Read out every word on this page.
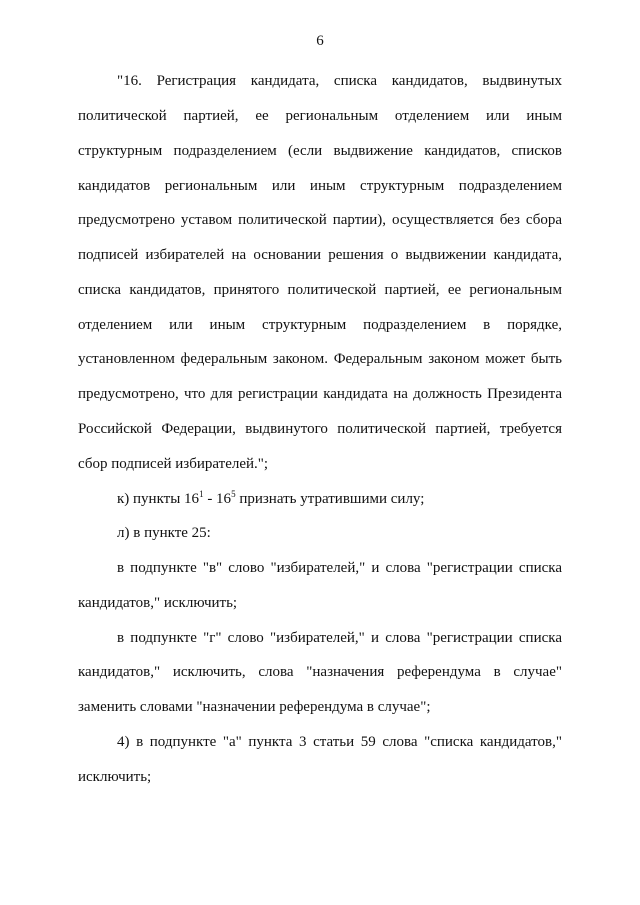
6
"16. Регистрация кандидата, списка кандидатов, выдвинутых
политической партией, ее региональным отделением или иным
структурным подразделением (если выдвижение кандидатов, списков
кандидатов региональным или иным структурным подразделением
предусмотрено уставом политической партии), осуществляется без сбора
подписей избирателей на основании решения о выдвижении кандидата,
списка кандидатов, принятого политической партией, ее региональным
отделением или иным структурным подразделением в порядке,
установленном федеральным законом. Федеральным законом может быть
предусмотрено, что для регистрации кандидата на должность Президента
Российской Федерации, выдвинутого политической партией, требуется
сбор подписей избирателей.";
к) пункты $16^1 - 16^5$ признать утратившими силу;
л) в пункте 25:
в подпункте "в" слово "избирателей," и слова "регистрации списка
кандидатов," исключить;
в подпункте "г" слово "избирателей," и слова "регистрации списка
кандидатов," исключить, слова "назначения референдума в случае"
заменить словами "назначении референдума в случае";
4) в подпункте "а" пункта 3 статьи 59 слова "списка кандидатов,"
исключить;
